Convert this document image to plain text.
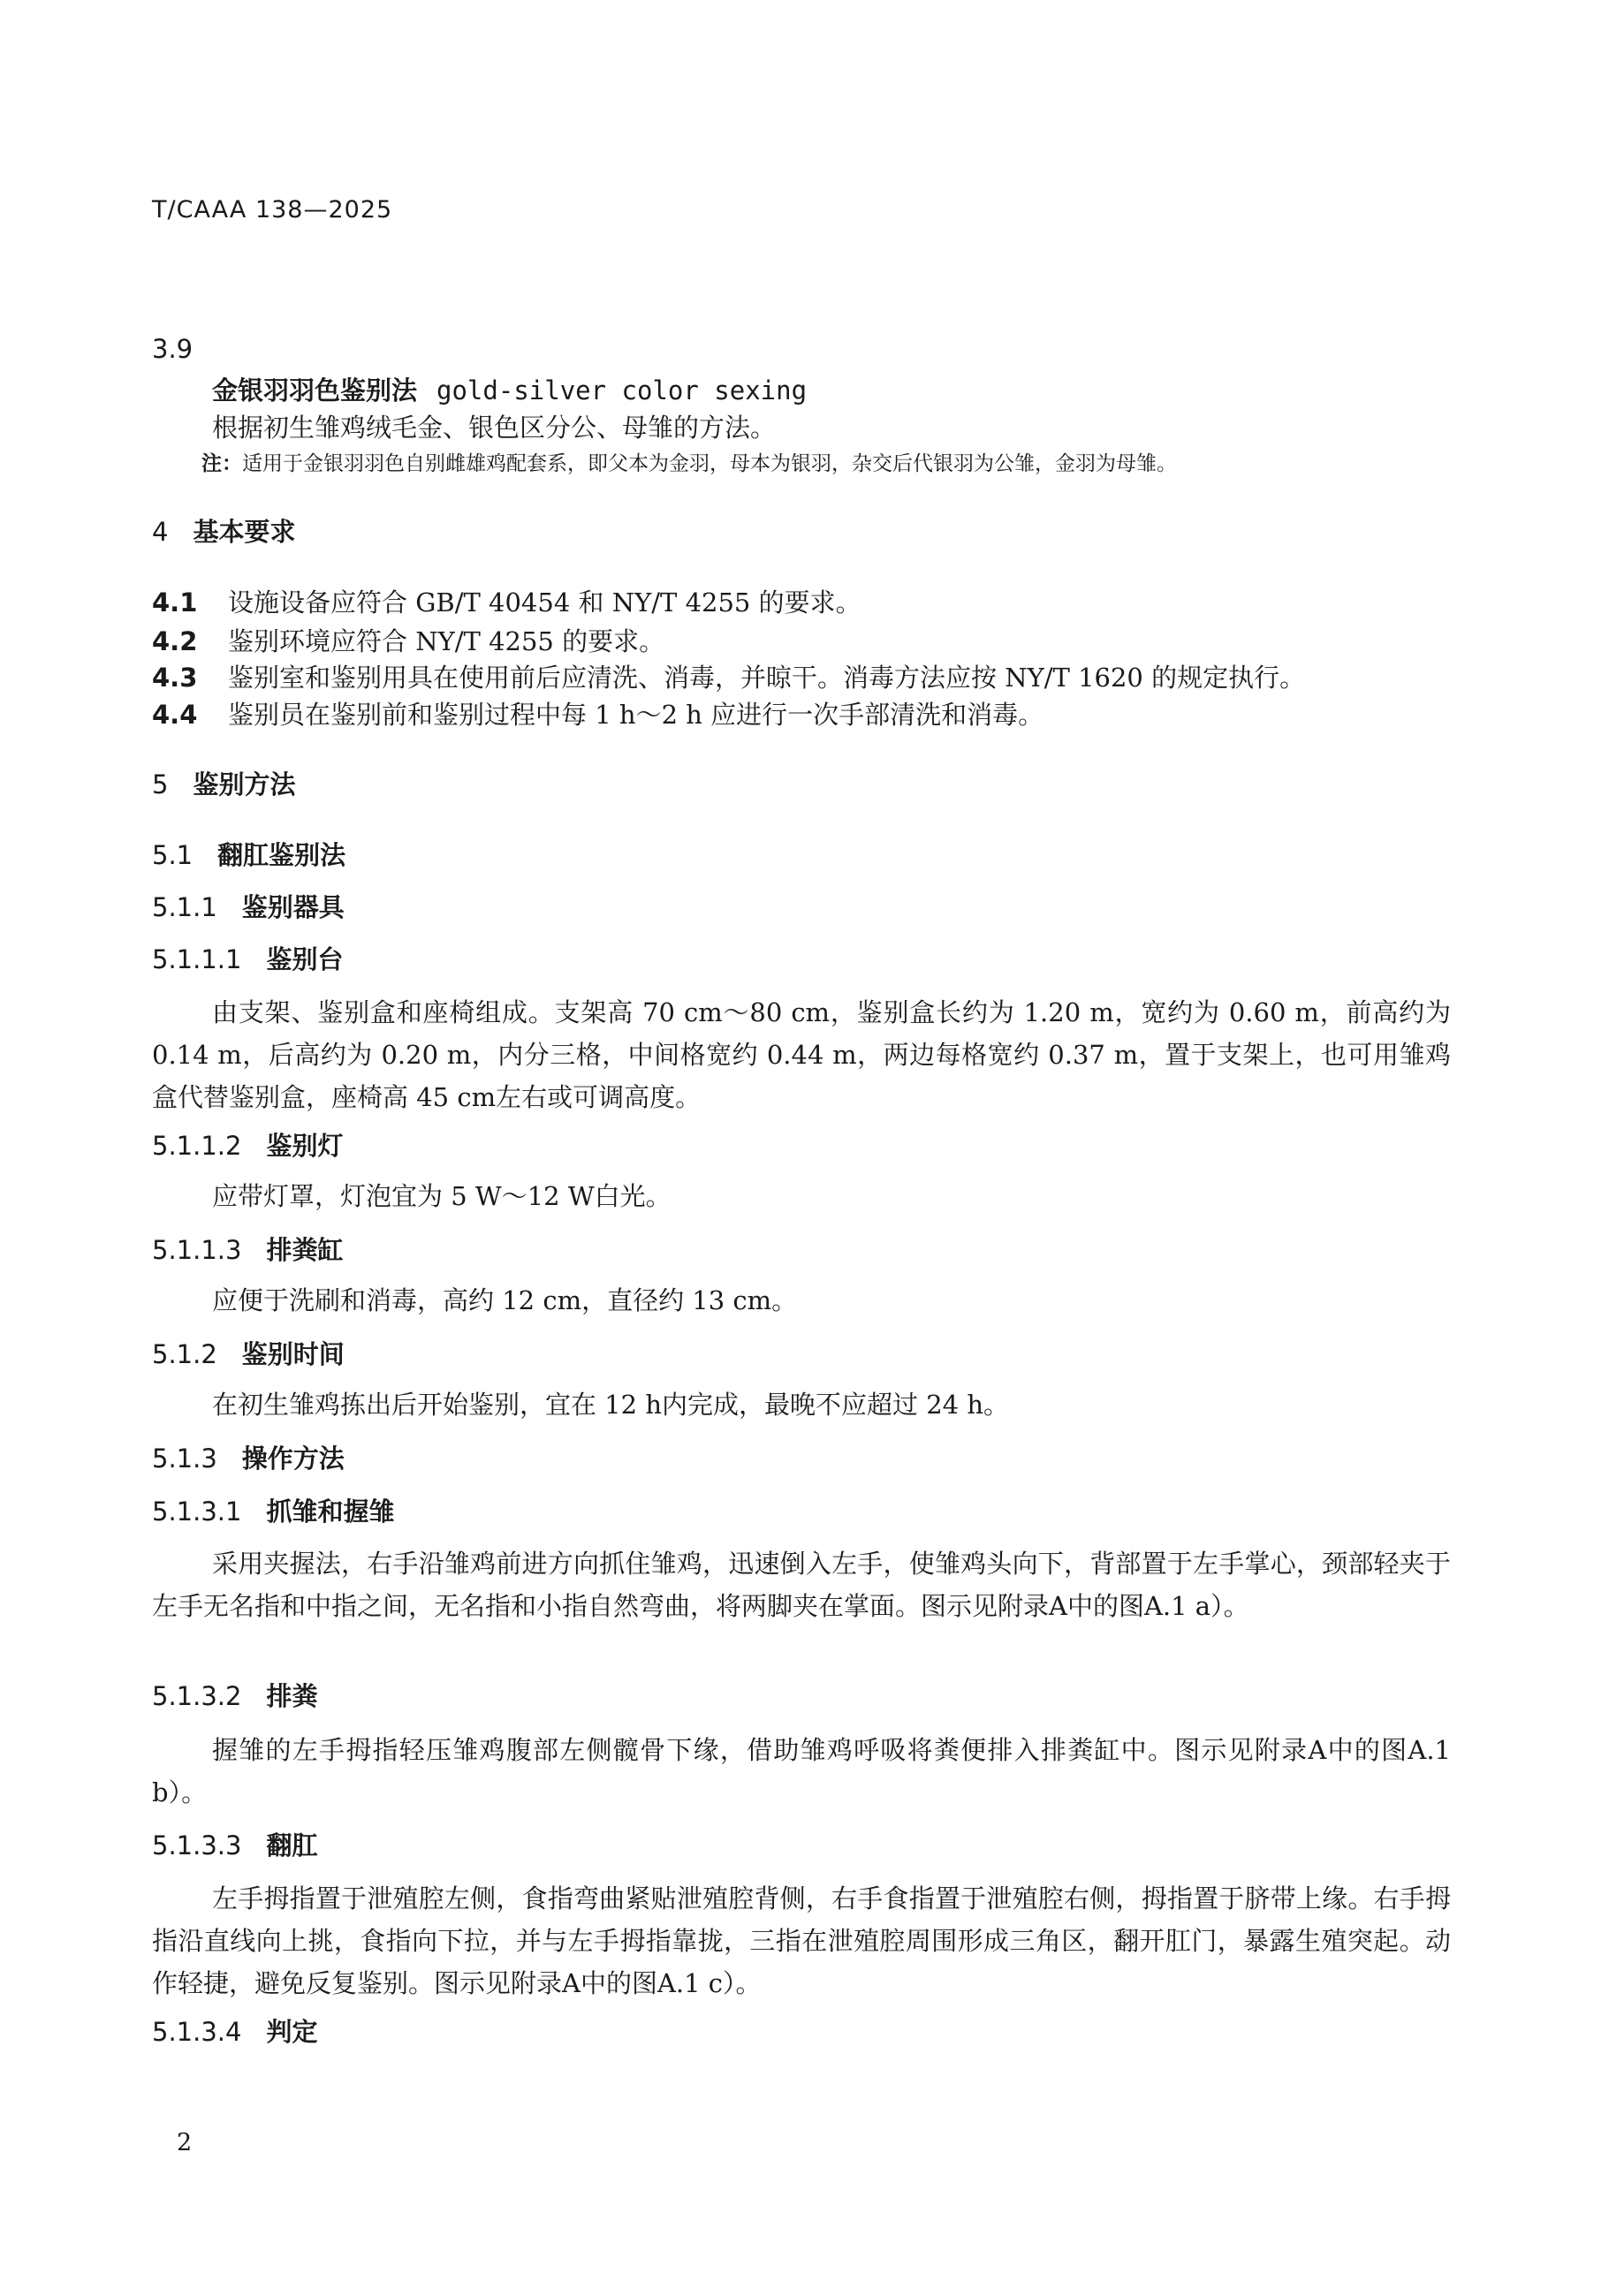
T/CAAA 138—2025
3.9
金银羽羽色鉴别法 gold-silver color sexing
根据初生雏鸡绒毛金、银色区分公、母雏的方法。
注：适用于金银羽羽色自别雌雄鸡配套系，即父本为金羽，母本为银羽，杂交后代银羽为公雏，金羽为母雏。
4 基本要求
4.1 设施设备应符合 GB/T 40454 和 NY/T 4255 的要求。
4.2 鉴别环境应符合 NY/T 4255 的要求。
4.3 鉴别室和鉴别用具在使用前后应清洗、消毒，并晾干。消毒方法应按 NY/T 1620 的规定执行。
4.4 鉴别员在鉴别前和鉴别过程中每 1 h～2 h 应进行一次手部清洗和消毒。
5 鉴别方法
5.1 翻肛鉴别法
5.1.1 鉴别器具
5.1.1.1 鉴别台
由支架、鉴别盒和座椅组成。支架高 70 cm～80 cm，鉴别盒长约为 1.20 m，宽约为 0.60 m，前高约为 0.14 m，后高约为 0.20 m，内分三格，中间格宽约 0.44 m，两边每格宽约 0.37 m，置于支架上，也可用雏鸡盒代替鉴别盒，座椅高 45 cm左右或可调高度。
5.1.1.2 鉴别灯
应带灯罩，灯泡宜为 5 W～12 W白光。
5.1.1.3 排粪缸
应便于洗刷和消毒，高约 12 cm，直径约 13 cm。
5.1.2 鉴别时间
在初生雏鸡拣出后开始鉴别，宜在 12 h内完成，最晚不应超过 24 h。
5.1.3 操作方法
5.1.3.1 抓雏和握雏
采用夹握法，右手沿雏鸡前进方向抓住雏鸡，迅速倒入左手，使雏鸡头向下，背部置于左手掌心，颈部轻夹于左手无名指和中指之间，无名指和小指自然弯曲，将两脚夹在掌面。图示见附录A中的图A.1 a）。
5.1.3.2 排粪
握雏的左手拇指轻压雏鸡腹部左侧髋骨下缘，借助雏鸡呼吸将粪便排入排粪缸中。图示见附录A中的图A.1 b）。
5.1.3.3 翻肛
左手拇指置于泄殖腔左侧，食指弯曲紧贴泄殖腔背侧，右手食指置于泄殖腔右侧，拇指置于脐带上缘。右手拇指沿直线向上挑，食指向下拉，并与左手拇指靠拢，三指在泄殖腔周围形成三角区，翻开肛门，暴露生殖突起。动作轻捷，避免反复鉴别。图示见附录A中的图A.1 c）。
5.1.3.4 判定
2
